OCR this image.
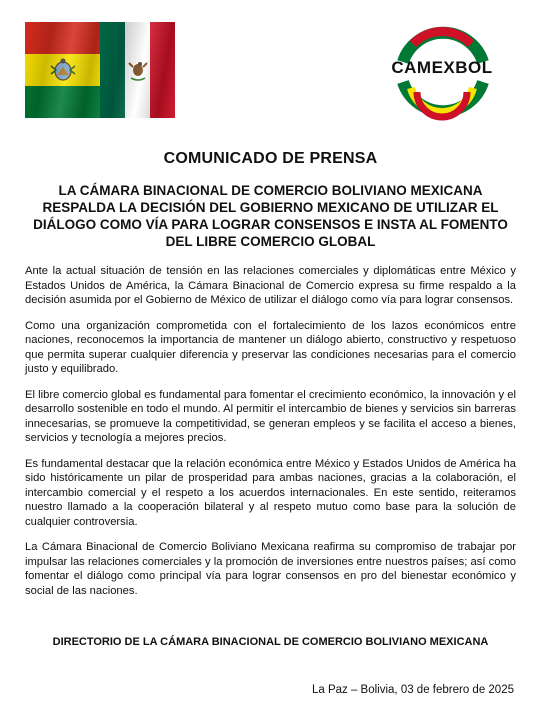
CAMEXBOL
COMUNICADO DE PRENSA
LA CÁMARA BINACIONAL DE COMERCIO BOLIVIANO MEXICANA RESPALDA LA DECISIÓN DEL GOBIERNO MEXICANO DE UTILIZAR EL DIÁLOGO COMO VÍA PARA LOGRAR CONSENSOS E INSTA AL FOMENTO DEL LIBRE COMERCIO GLOBAL

Ante la actual situación de tensión en las relaciones comerciales y diplomáticas entre México y Estados Unidos de América, la Cámara Binacional de Comercio expresa su firme respaldo a la decisión asumida por el Gobierno de México de utilizar el diálogo como vía para lograr consensos.

Como una organización comprometida con el fortalecimiento de los lazos económicos entre naciones, reconocemos la importancia de mantener un diálogo abierto, constructivo y respetuoso que permita superar cualquier diferencia y preservar las condiciones necesarias para el comercio justo y equilibrado.

El libre comercio global es fundamental para fomentar el crecimiento económico, la innovación y el desarrollo sostenible en todo el mundo. Al permitir el intercambio de bienes y servicios sin barreras innecesarias, se promueve la competitividad, se generan empleos y se facilita el acceso a bienes, servicios y tecnología a mejores precios.

Es fundamental destacar que la relación económica entre México y Estados Unidos de América ha sido históricamente un pilar de prosperidad para ambas naciones, gracias a la colaboración, el intercambio comercial y el respeto a los acuerdos internacionales. En este sentido, reiteramos nuestro llamado a la cooperación bilateral y al respeto mutuo como base para la solución de cualquier controversia.

La Cámara Binacional de Comercio Boliviano Mexicana reafirma su compromiso de trabajar por impulsar las relaciones comerciales y la promoción de inversiones entre nuestros países; así como fomentar el diálogo como principal vía para lograr consensos en pro del bienestar económico y social de las naciones.

DIRECTORIO DE LA CÁMARA BINACIONAL DE COMERCIO BOLIVIANO MEXICANA
La Paz – Bolivia, 03 de febrero de 2025
